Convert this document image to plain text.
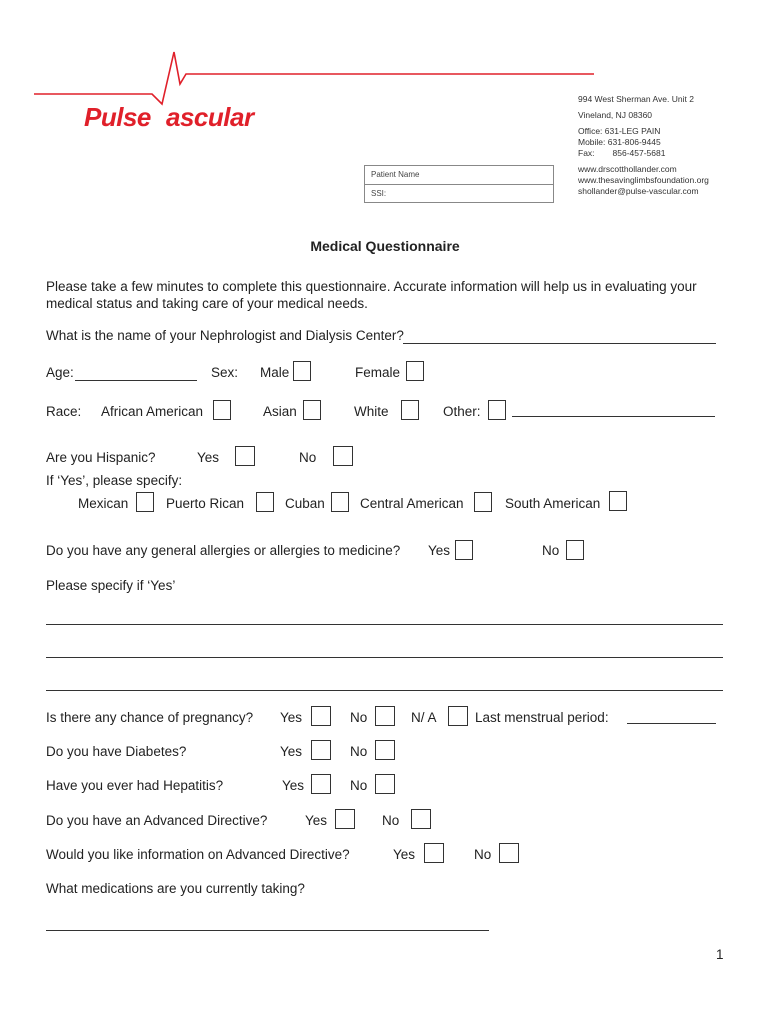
Pulse ascular
994 West Sherman Ave. Unit 2
Vineland, NJ 08360
Office: 631-LEG PAIN
Mobile: 631-806-9445
Fax: 856-457-5681
www.drscotthollander.com
www.thesavinglimbsfoundation.org
shollander@pulse-vascular.com
Patient Name
SSI:
Medical Questionnaire
Please take a few minutes to complete this questionnaire. Accurate information will help us in evaluating your
medical status and taking care of your medical needs.
What is the name of your Nephrologist and Dialysis Center?
Age:	Sex: Male	Female
Race: African American	Asian	White	Other:
Are you Hispanic?	Yes	No
If ‘Yes’, please specify:
Mexican	Puerto Rican	Cuban	Central American	South American
Do you have any general allergies or allergies to medicine? Yes	No
Please specify if ‘Yes’
Is there any chance of pregnancy? Yes	No	N/ A	Last menstrual period:
Do you have Diabetes?	Yes	No
Have you ever had Hepatitis?	Yes	No
Do you have an Advanced Directive?	Yes	No
Would you like information on Advanced Directive?	Yes	No
What medications are you currently taking?
1
